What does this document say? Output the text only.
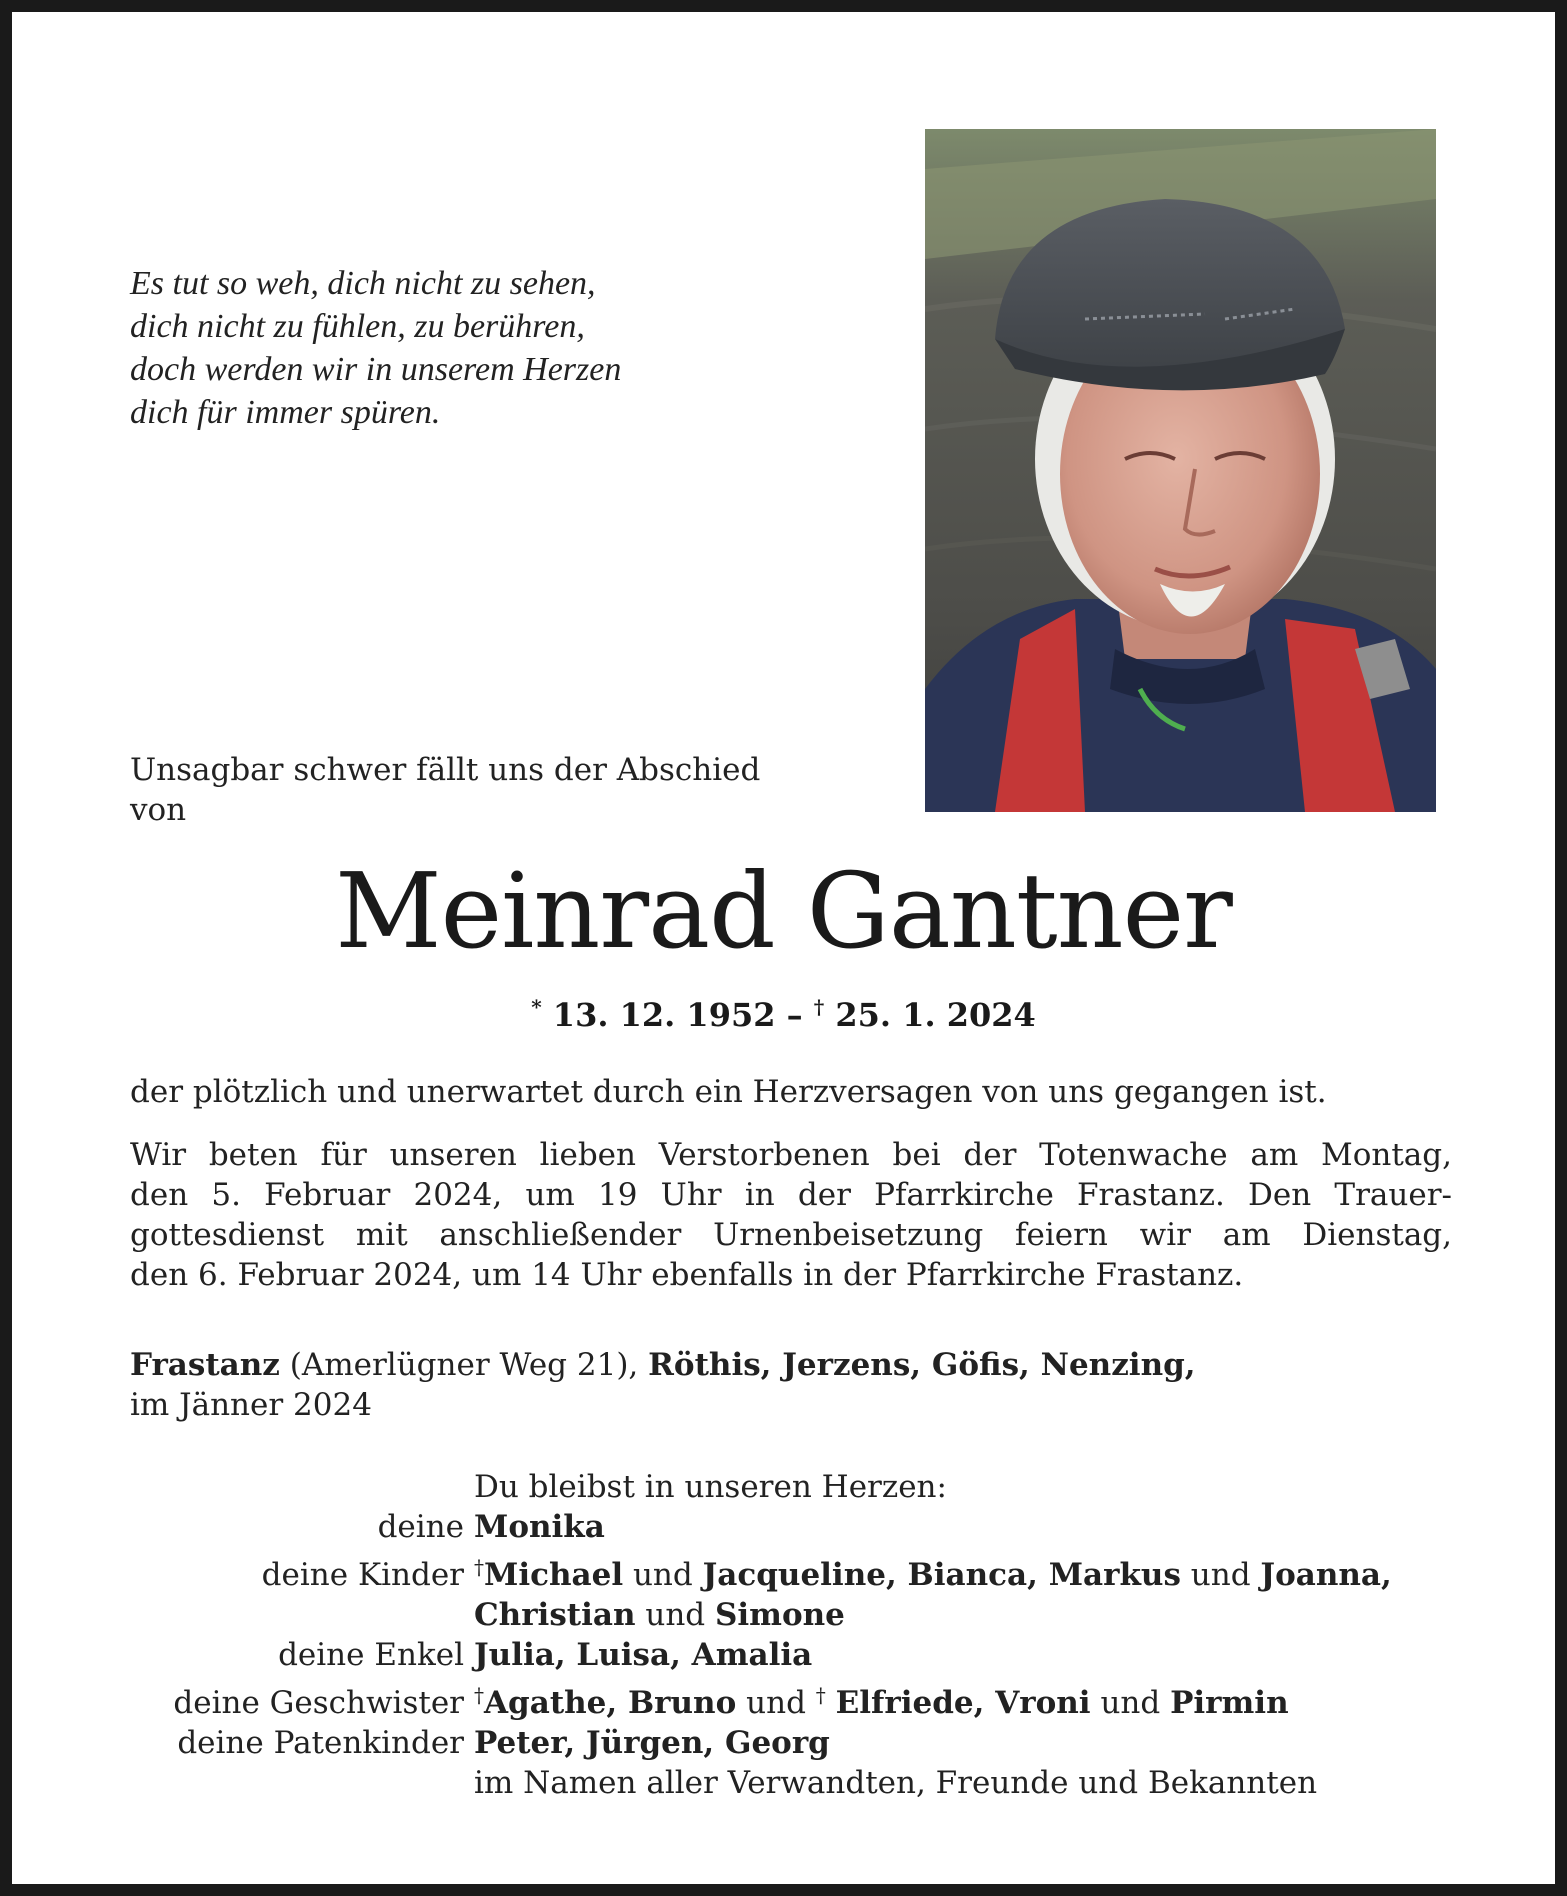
Es tut so weh, dich nicht zu sehen,
dich nicht zu fühlen, zu berühren,
doch werden wir in unserem Herzen
dich für immer spüren.
Unsagbar schwer fällt uns der Abschied
von
Meinrad Gantner
* 13. 12. 1952 – † 25. 1. 2024
der plötzlich und unerwartet durch ein Herzversagen von uns gegangen ist.
Wir beten für unseren lieben Verstorbenen bei der Totenwache am Montag,
den 5. Februar 2024, um 19 Uhr in der Pfarrkirche Frastanz. Den Trauer-
gottesdienst mit anschließender Urnenbeisetzung feiern wir am Dienstag,
den 6. Februar 2024, um 14 Uhr ebenfalls in der Pfarrkirche Frastanz.
Frastanz (Amerlügner Weg 21), Röthis, Jerzens, Göfis, Nenzing,
im Jänner 2024
Du bleibst in unseren Herzen:
deine Monika
deine Kinder †Michael und Jacqueline, Bianca, Markus und Joanna,
Christian und Simone
deine Enkel Julia, Luisa, Amalia
deine Geschwister †Agathe, Bruno und † Elfriede, Vroni und Pirmin
deine Patenkinder Peter, Jürgen, Georg
im Namen aller Verwandten, Freunde und Bekannten
